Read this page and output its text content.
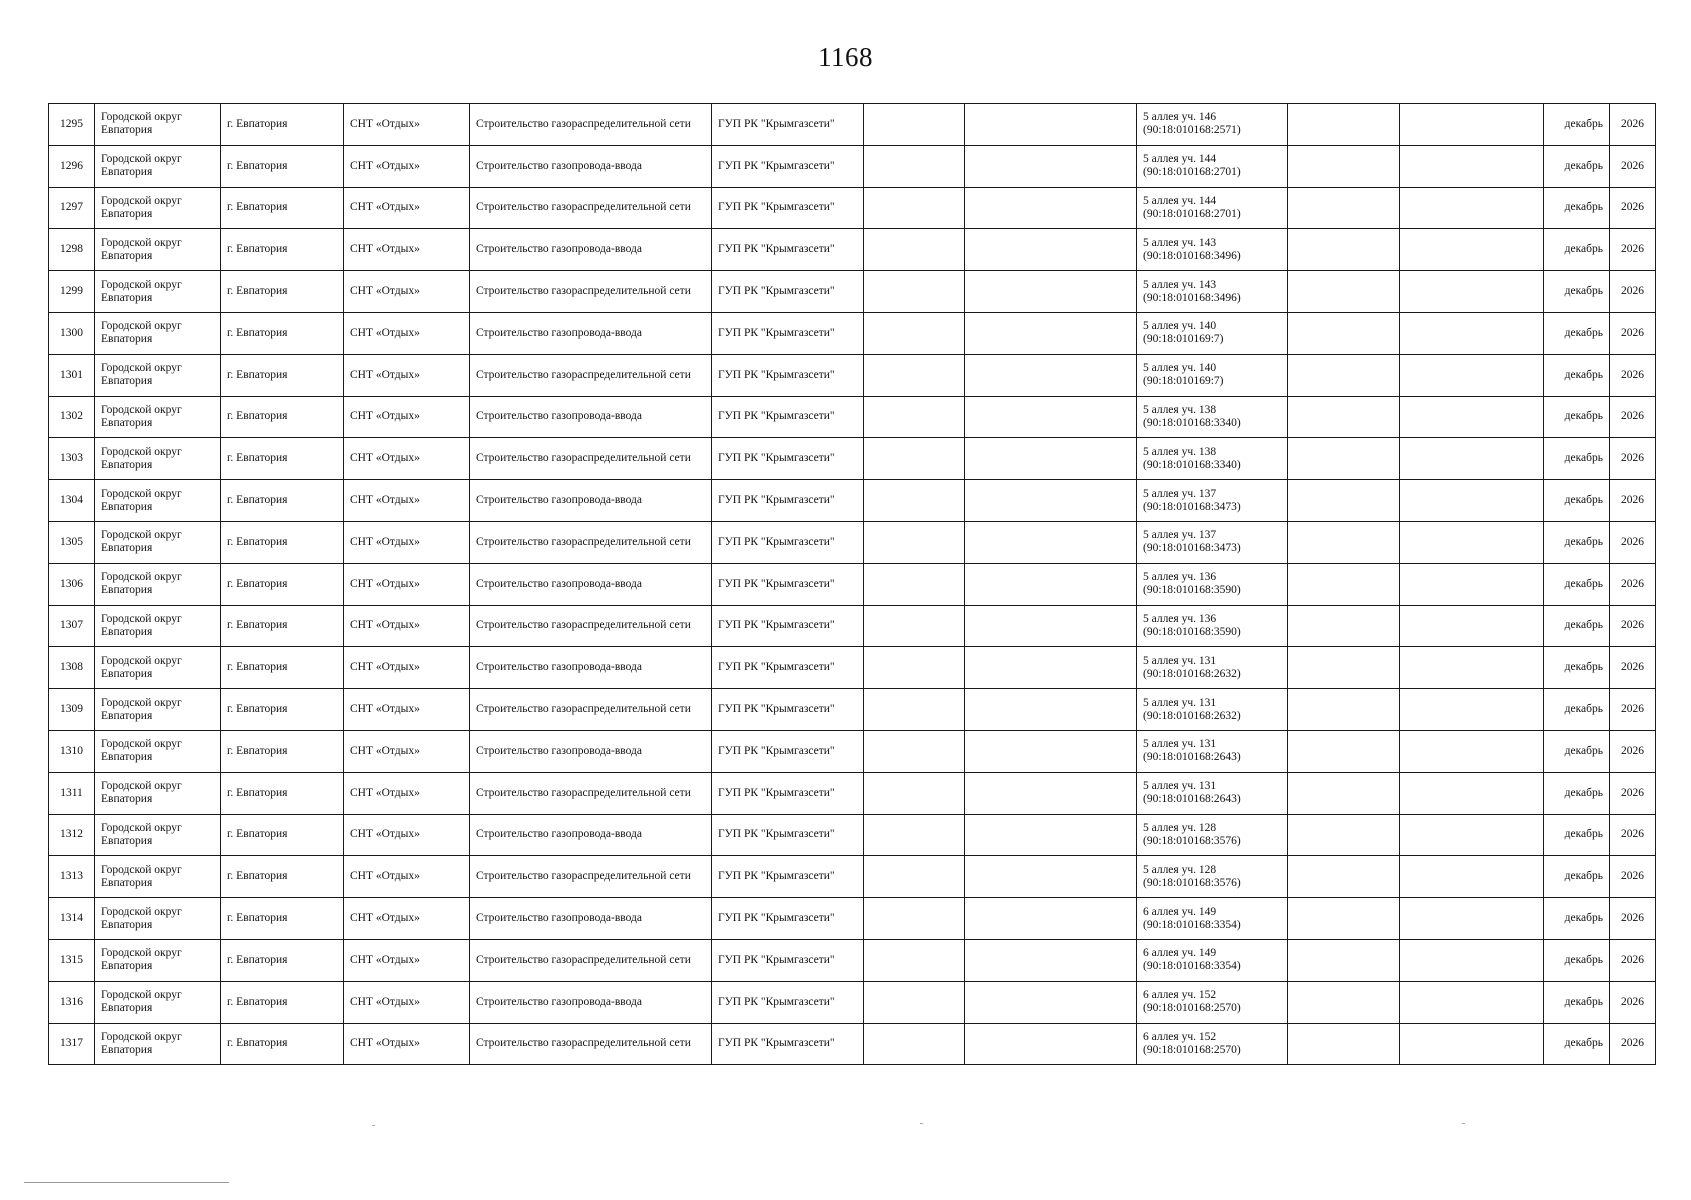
1168
1295	Городской округ Евпатория	г. Евпатория	СНТ «Отдых»	Строительство газораспределительной сети	ГУП РК "Крымгазсети"			5 аллея уч. 146
(90:18:010168:2571)			декабрь	2026
1296	Городской округ Евпатория	г. Евпатория	СНТ «Отдых»	Строительство газопровода-ввода	ГУП РК "Крымгазсети"			5 аллея уч. 144
(90:18:010168:2701)			декабрь	2026
1297	Городской округ Евпатория	г. Евпатория	СНТ «Отдых»	Строительство газораспределительной сети	ГУП РК "Крымгазсети"			5 аллея уч. 144
(90:18:010168:2701)			декабрь	2026
1298	Городской округ Евпатория	г. Евпатория	СНТ «Отдых»	Строительство газопровода-ввода	ГУП РК "Крымгазсети"			5 аллея уч. 143
(90:18:010168:3496)			декабрь	2026
1299	Городской округ Евпатория	г. Евпатория	СНТ «Отдых»	Строительство газораспределительной сети	ГУП РК "Крымгазсети"			5 аллея уч. 143
(90:18:010168:3496)			декабрь	2026
1300	Городской округ Евпатория	г. Евпатория	СНТ «Отдых»	Строительство газопровода-ввода	ГУП РК "Крымгазсети"			5 аллея уч. 140
(90:18:010169:7)			декабрь	2026
1301	Городской округ Евпатория	г. Евпатория	СНТ «Отдых»	Строительство газораспределительной сети	ГУП РК "Крымгазсети"			5 аллея уч. 140
(90:18:010169:7)			декабрь	2026
1302	Городской округ Евпатория	г. Евпатория	СНТ «Отдых»	Строительство газопровода-ввода	ГУП РК "Крымгазсети"			5 аллея уч. 138
(90:18:010168:3340)			декабрь	2026
1303	Городской округ Евпатория	г. Евпатория	СНТ «Отдых»	Строительство газораспределительной сети	ГУП РК "Крымгазсети"			5 аллея уч. 138
(90:18:010168:3340)			декабрь	2026
1304	Городской округ Евпатория	г. Евпатория	СНТ «Отдых»	Строительство газопровода-ввода	ГУП РК "Крымгазсети"			5 аллея уч. 137
(90:18:010168:3473)			декабрь	2026
1305	Городской округ Евпатория	г. Евпатория	СНТ «Отдых»	Строительство газораспределительной сети	ГУП РК "Крымгазсети"			5 аллея уч. 137
(90:18:010168:3473)			декабрь	2026
1306	Городской округ Евпатория	г. Евпатория	СНТ «Отдых»	Строительство газопровода-ввода	ГУП РК "Крымгазсети"			5 аллея уч. 136
(90:18:010168:3590)			декабрь	2026
1307	Городской округ Евпатория	г. Евпатория	СНТ «Отдых»	Строительство газораспределительной сети	ГУП РК "Крымгазсети"			5 аллея уч. 136
(90:18:010168:3590)			декабрь	2026
1308	Городской округ Евпатория	г. Евпатория	СНТ «Отдых»	Строительство газопровода-ввода	ГУП РК "Крымгазсети"			5 аллея уч. 131
(90:18:010168:2632)			декабрь	2026
1309	Городской округ Евпатория	г. Евпатория	СНТ «Отдых»	Строительство газораспределительной сети	ГУП РК "Крымгазсети"			5 аллея уч. 131
(90:18:010168:2632)			декабрь	2026
1310	Городской округ Евпатория	г. Евпатория	СНТ «Отдых»	Строительство газопровода-ввода	ГУП РК "Крымгазсети"			5 аллея уч. 131
(90:18:010168:2643)			декабрь	2026
1311	Городской округ Евпатория	г. Евпатория	СНТ «Отдых»	Строительство газораспределительной сети	ГУП РК "Крымгазсети"			5 аллея уч. 131
(90:18:010168:2643)			декабрь	2026
1312	Городской округ Евпатория	г. Евпатория	СНТ «Отдых»	Строительство газопровода-ввода	ГУП РК "Крымгазсети"			5 аллея уч. 128
(90:18:010168:3576)			декабрь	2026
1313	Городской округ Евпатория	г. Евпатория	СНТ «Отдых»	Строительство газораспределительной сети	ГУП РК "Крымгазсети"			5 аллея уч. 128
(90:18:010168:3576)			декабрь	2026
1314	Городской округ Евпатория	г. Евпатория	СНТ «Отдых»	Строительство газопровода-ввода	ГУП РК "Крымгазсети"			6 аллея уч. 149
(90:18:010168:3354)			декабрь	2026
1315	Городской округ Евпатория	г. Евпатория	СНТ «Отдых»	Строительство газораспределительной сети	ГУП РК "Крымгазсети"			6 аллея уч. 149
(90:18:010168:3354)			декабрь	2026
1316	Городской округ Евпатория	г. Евпатория	СНТ «Отдых»	Строительство газопровода-ввода	ГУП РК "Крымгазсети"			6 аллея уч. 152
(90:18:010168:2570)			декабрь	2026
1317	Городской округ Евпатория	г. Евпатория	СНТ «Отдых»	Строительство газораспределительной сети	ГУП РК "Крымгазсети"			6 аллея уч. 152
(90:18:010168:2570)			декабрь	2026
